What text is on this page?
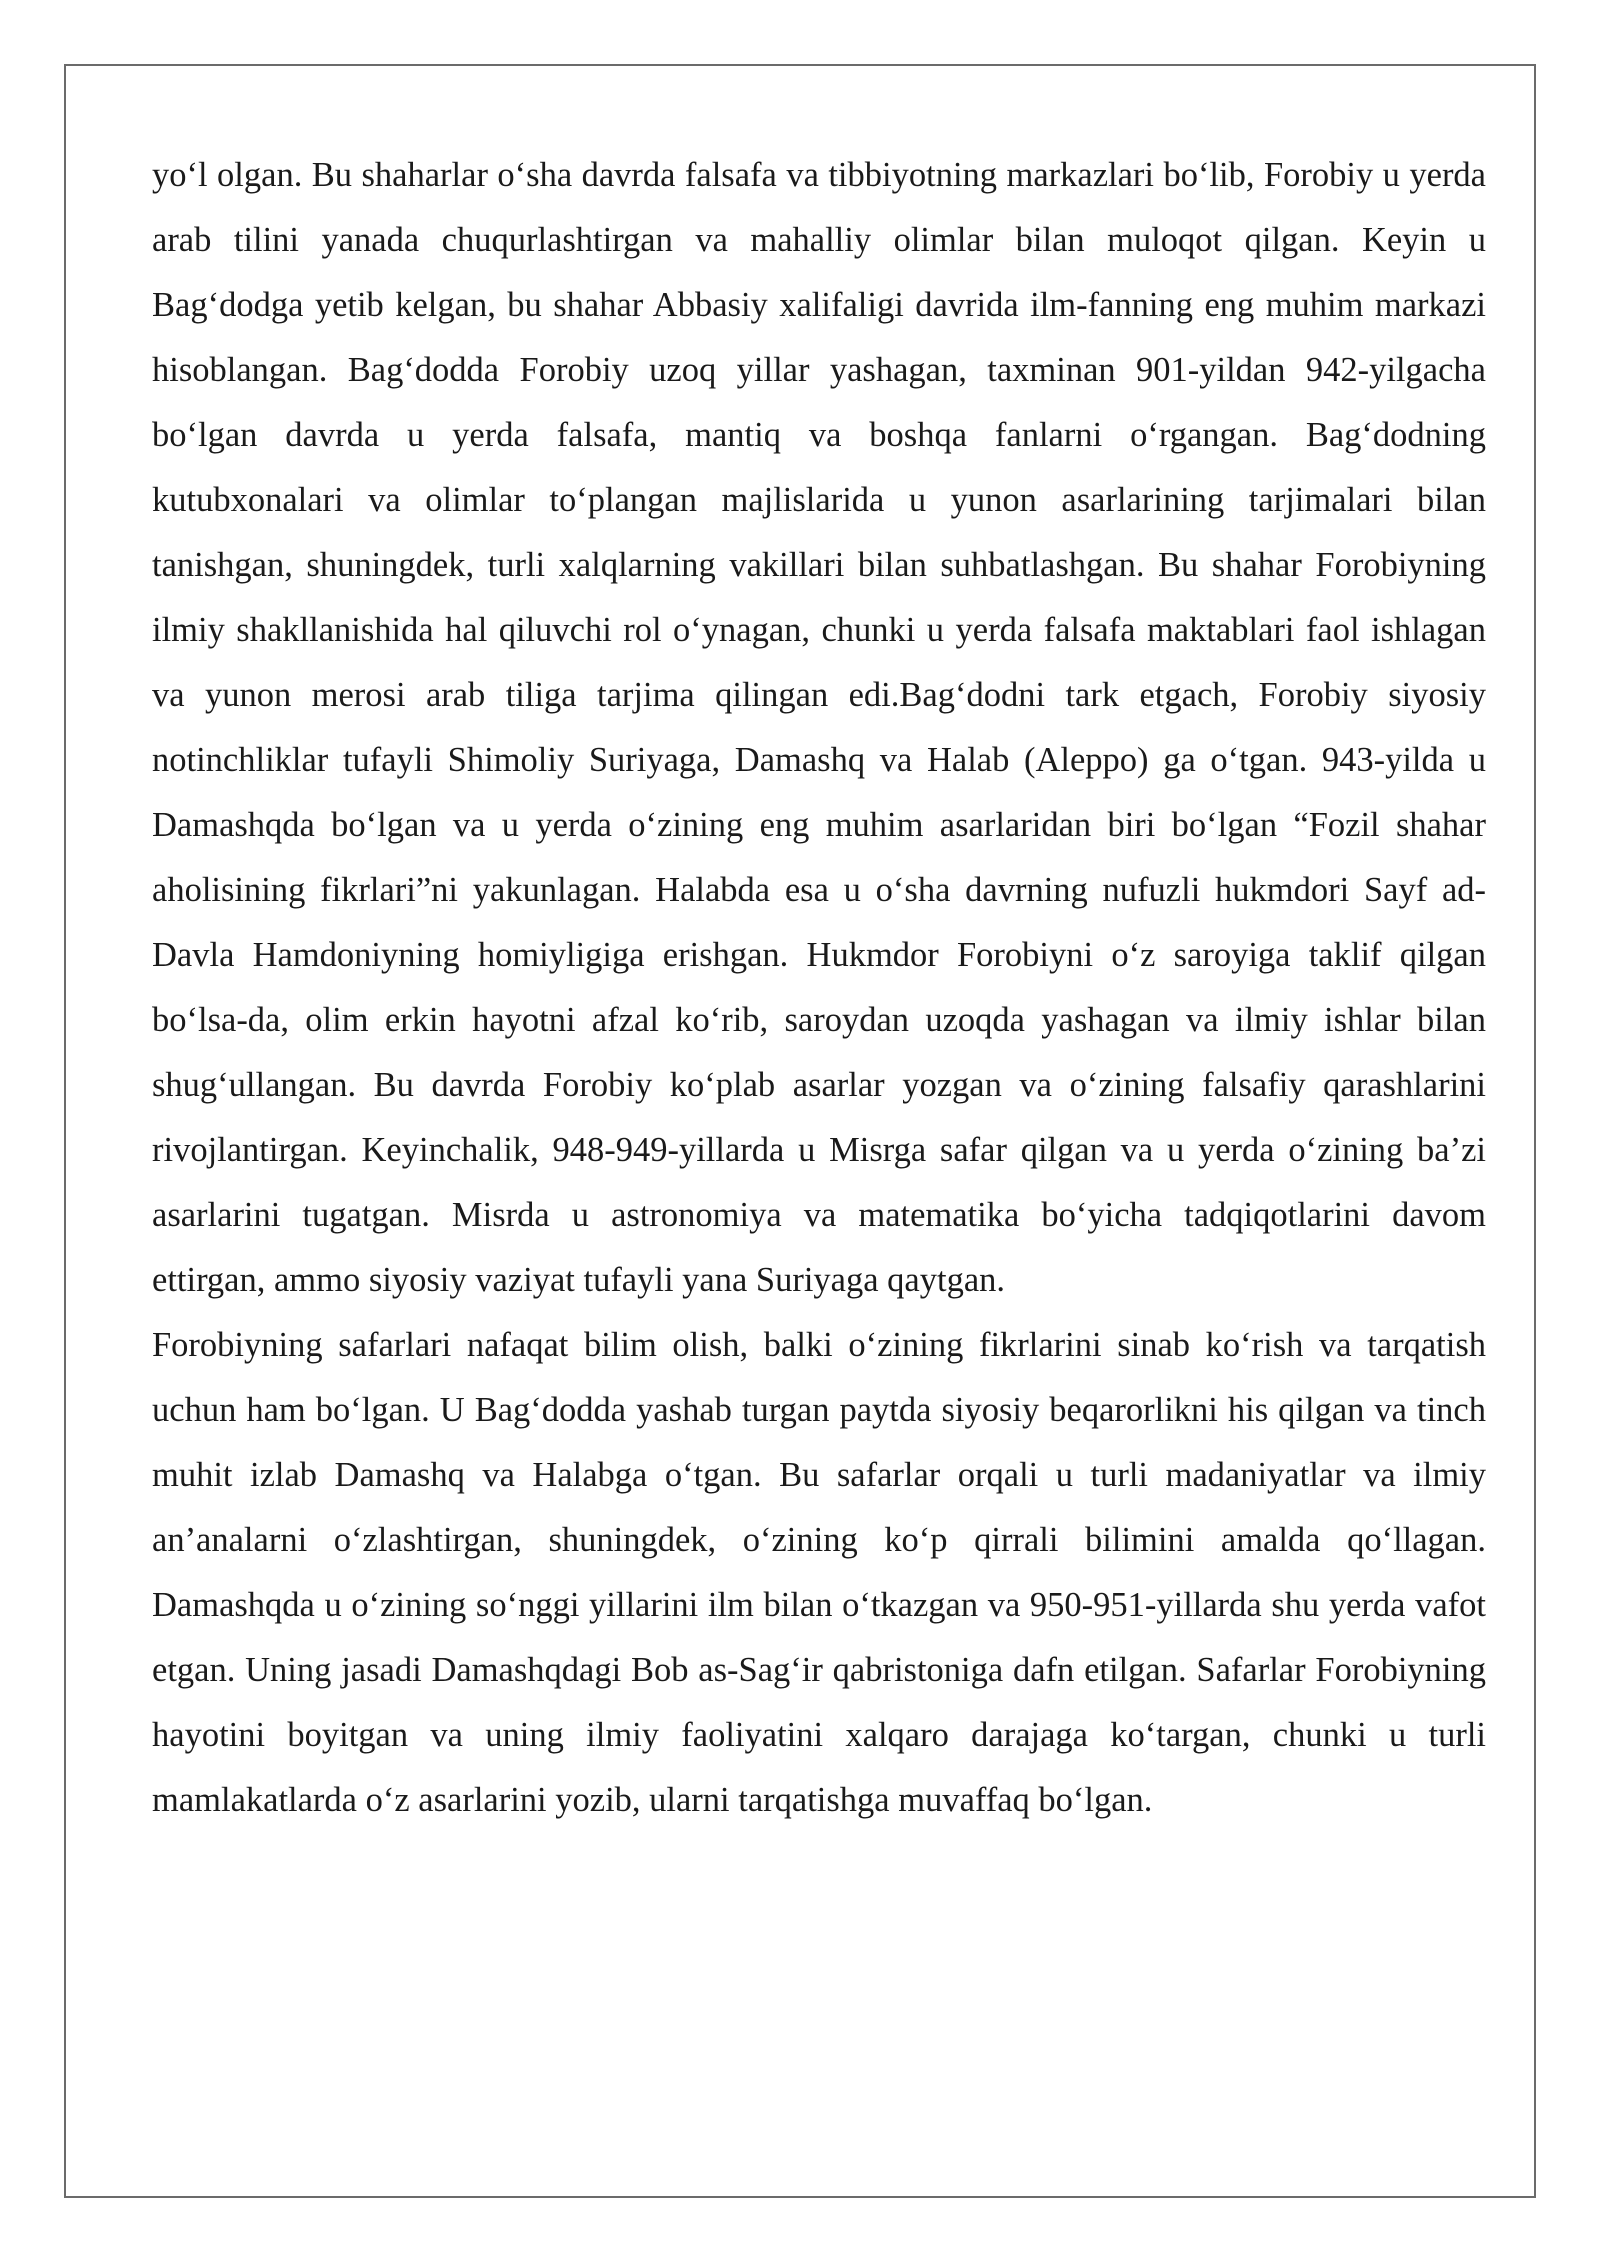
yo‘l olgan. Bu shaharlar o‘sha davrda falsafa va tibbiyotning markazlari bo‘lib, Forobiy u yerda arab tilini yanada chuqurlashtirgan va mahalliy olimlar bilan muloqot qilgan. Keyin u Bag‘dodga yetib kelgan, bu shahar Abbasiy xalifaligi davrida ilm-fanning eng muhim markazi hisoblangan. Bag‘dodda Forobiy uzoq yillar yashagan, taxminan 901-yildan 942-yilgacha bo‘lgan davrda u yerda falsafa, mantiq va boshqa fanlarni o‘rgangan. Bag‘dodning kutubxonalari va olimlar to‘plangan majlislarida u yunon asarlarining tarjimalari bilan tanishgan, shuningdek, turli xalqlarning vakillari bilan suhbatlashgan. Bu shahar Forobiyning ilmiy shakllanishida hal qiluvchi rol o‘ynagan, chunki u yerda falsafa maktablari faol ishlagan va yunon merosi arab tiliga tarjima qilingan edi.Bag‘dodni tark etgach, Forobiy siyosiy notinchliklar tufayli Shimoliy Suriyaga, Damashq va Halab (Aleppo) ga o‘tgan. 943-yilda u Damashqda bo‘lgan va u yerda o‘zining eng muhim asarlaridan biri bo‘lgan “Fozil shahar aholisining fikrlari”ni yakunlagan. Halabda esa u o‘sha davrning nufuzli hukmdori Sayf ad-Davla Hamdoniyning homiyligiga erishgan. Hukmdor Forobiyni o‘z saroyiga taklif qilgan bo‘lsa-da, olim erkin hayotni afzal ko‘rib, saroydan uzoqda yashagan va ilmiy ishlar bilan shug‘ullangan. Bu davrda Forobiy ko‘plab asarlar yozgan va o‘zining falsafiy qarashlarini rivojlantirgan. Keyinchalik, 948-949-yillarda u Misrga safar qilgan va u yerda o‘zining ba’zi asarlarini tugatgan. Misrda u astronomiya va matematika bo‘yicha tadqiqotlarini davom ettirgan, ammo siyosiy vaziyat tufayli yana Suriyaga qaytgan.

Forobiyning safarlari nafaqat bilim olish, balki o‘zining fikrlarini sinab ko‘rish va tarqatish uchun ham bo‘lgan. U Bag‘dodda yashab turgan paytda siyosiy beqarorlikni his qilgan va tinch muhit izlab Damashq va Halabga o‘tgan. Bu safarlar orqali u turli madaniyatlar va ilmiy an’analarni o‘zlashtirgan, shuningdek, o‘zining ko‘p qirrali bilimini amalda qo‘llagan. Damashqda u o‘zining so‘nggi yillarini ilm bilan o‘tkazgan va 950-951-yillarda shu yerda vafot etgan. Uning jasadi Damashqdagi Bob as-Sag‘ir qabristoniga dafn etilgan. Safarlar Forobiyning hayotini boyitgan va uning ilmiy faoliyatini xalqaro darajaga ko‘targan, chunki u turli mamlakatlarda o‘z asarlarini yozib, ularni tarqatishga muvaffaq bo‘lgan.
